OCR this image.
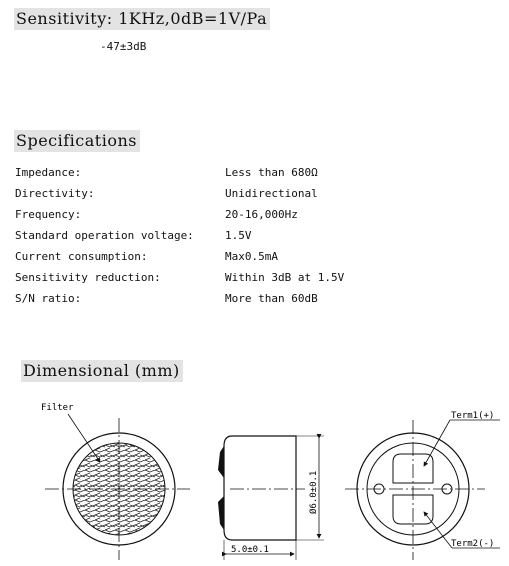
Sensitivity: 1KHz,0dB=1V/Pa
-47±3dB
Specifications
Impedance:	Less than 680Ω
Directivity:	Unidirectional
Frequency:	20-16,000Hz
Standard operation voltage:	1.5V
Current consumption:	Max0.5mA
Sensitivity reduction:	Within 3dB at 1.5V
S/N ratio:	More than 60dB
Dimensional (mm)
Filter
Ø6.0±0.1
5.0±0.1
Term1(+)
Term2(-)
